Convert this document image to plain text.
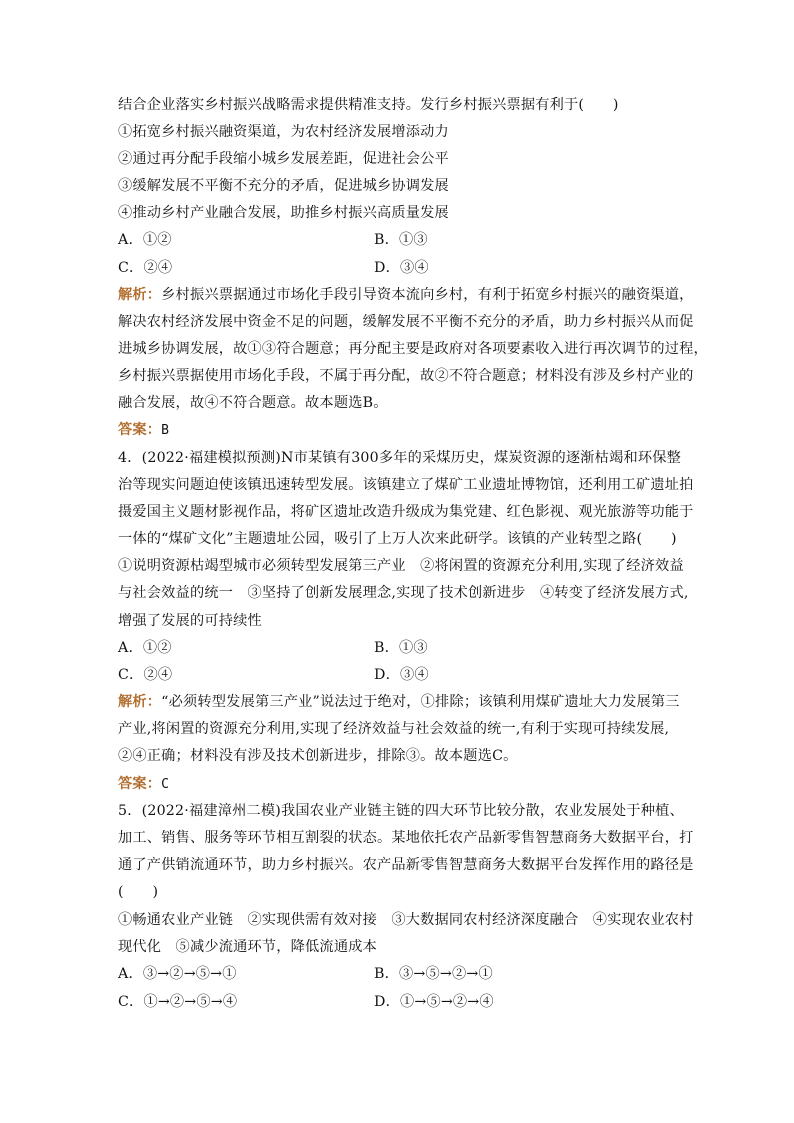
结合企业落实乡村振兴战略需求提供精准支持。发行乡村振兴票据有利于(　　)
①拓宽乡村振兴融资渠道，为农村经济发展增添动力
②通过再分配手段缩小城乡发展差距，促进社会公平
③缓解发展不平衡不充分的矛盾，促进城乡协调发展
④推动乡村产业融合发展，助推乡村振兴高质量发展
A．①②	B．①③
C．②④	D．③④
解析：乡村振兴票据通过市场化手段引导资本流向乡村，有利于拓宽乡村振兴的融资渠道，
解决农村经济发展中资金不足的问题，缓解发展不平衡不充分的矛盾，助力乡村振兴从而促
进城乡协调发展，故①③符合题意；再分配主要是政府对各项要素收入进行再次调节的过程，
乡村振兴票据使用市场化手段，不属于再分配，故②不符合题意；材料没有涉及乡村产业的
融合发展，故④不符合题意。故本题选B。
答案：B
4．(2022·福建模拟预测)N市某镇有300多年的采煤历史，煤炭资源的逐渐枯竭和环保整
治等现实问题迫使该镇迅速转型发展。该镇建立了煤矿工业遗址博物馆，还利用工矿遗址拍
摄爱国主义题材影视作品，将矿区遗址改造升级成为集党建、红色影视、观光旅游等功能于
一体的“煤矿文化”主题遗址公园，吸引了上万人次来此研学。该镇的产业转型之路(　　)
①说明资源枯竭型城市必须转型发展第三产业　②将闲置的资源充分利用,实现了经济效益
与社会效益的统一　③坚持了创新发展理念,实现了技术创新进步　④转变了经济发展方式,
增强了发展的可持续性
A．①②	B．①③
C．②④	D．③④
解析：“必须转型发展第三产业”说法过于绝对，①排除；该镇利用煤矿遗址大力发展第三
产业,将闲置的资源充分利用,实现了经济效益与社会效益的统一,有利于实现可持续发展,
②④正确；材料没有涉及技术创新进步，排除③。故本题选C。
答案：C
5．(2022·福建漳州二模)我国农业产业链主链的四大环节比较分散，农业发展处于种植、
加工、销售、服务等环节相互割裂的状态。某地依托农产品新零售智慧商务大数据平台，打
通了产供销流通环节，助力乡村振兴。农产品新零售智慧商务大数据平台发挥作用的路径是
(　　)
①畅通农业产业链　②实现供需有效对接　③大数据同农村经济深度融合　④实现农业农村
现代化　⑤减少流通环节，降低流通成本
A．③→②→⑤→①	B．③→⑤→②→①
C．①→②→⑤→④	D．①→⑤→②→④
